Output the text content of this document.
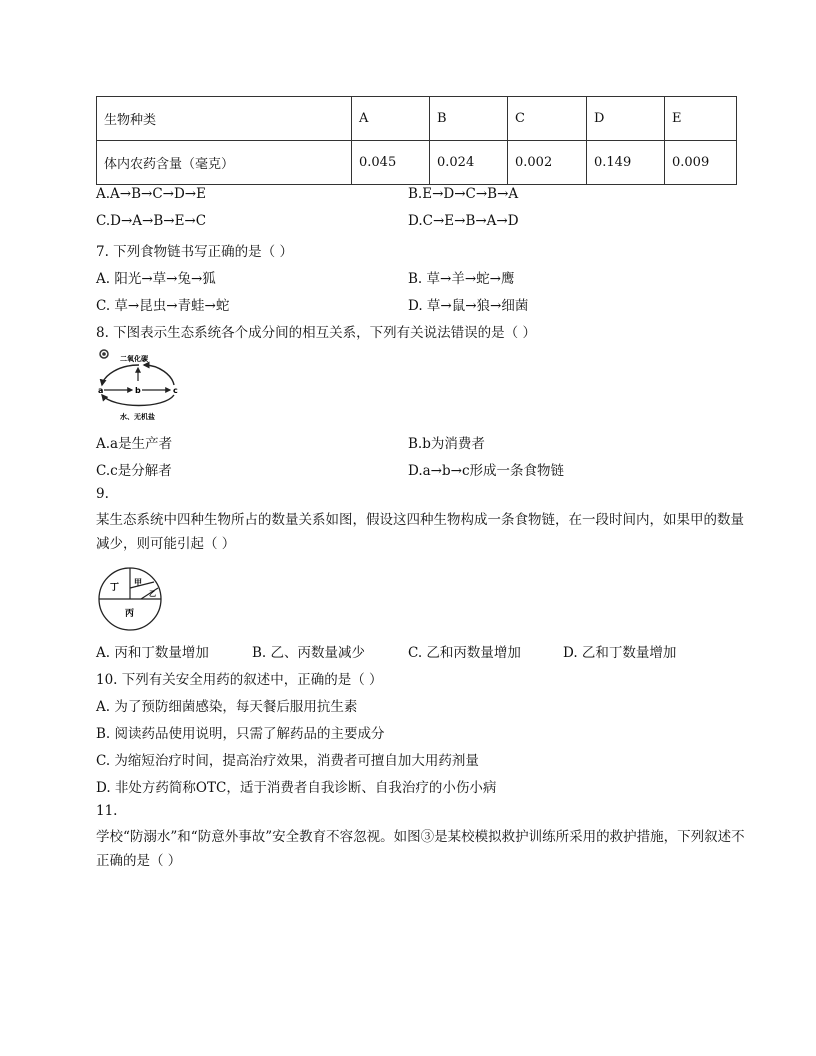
生物种类	A	B	C	D	E
体内农药含量（毫克）	0.045	0.024	0.002	0.149	0.009
A.A→B→C→D→E	B.E→D→C→B→A
C.D→A→B→E→C	D.C→E→B→A→D
7. 下列食物链书写正确的是（ ）
A. 阳光→草→兔→狐	B. 草→羊→蛇→鹰
C. 草→昆虫→青蛙→蛇	D. 草→鼠→狼→细菌
8. 下图表示生态系统各个成分间的相互关系，下列有关说法错误的是（ ）
二氧化碳
a	b	c
水、无机盐
A.a是生产者	B.b为消费者
C.c是分解者	D.a→b→c形成一条食物链
9.
某生态系统中四种生物所占的数量关系如图，假设这四种生物构成一条食物链，在一段时间内，如果甲的数量减少，则可能引起（ ）
丁
甲
乙
丙
A. 丙和丁数量增加	B. 乙、丙数量减少	C. 乙和丙数量增加	D. 乙和丁数量增加
10. 下列有关安全用药的叙述中，正确的是（ ）
A. 为了预防细菌感染，每天餐后服用抗生素
B. 阅读药品使用说明，只需了解药品的主要成分
C. 为缩短治疗时间，提高治疗效果，消费者可擅自加大用药剂量
D. 非处方药简称OTC，适于消费者自我诊断、自我治疗的小伤小病
11.
学校“防溺水”和“防意外事故”安全教育不容忽视。如图③是某校模拟救护训练所采用的救护措施，下列叙述不正确的是（ ）
